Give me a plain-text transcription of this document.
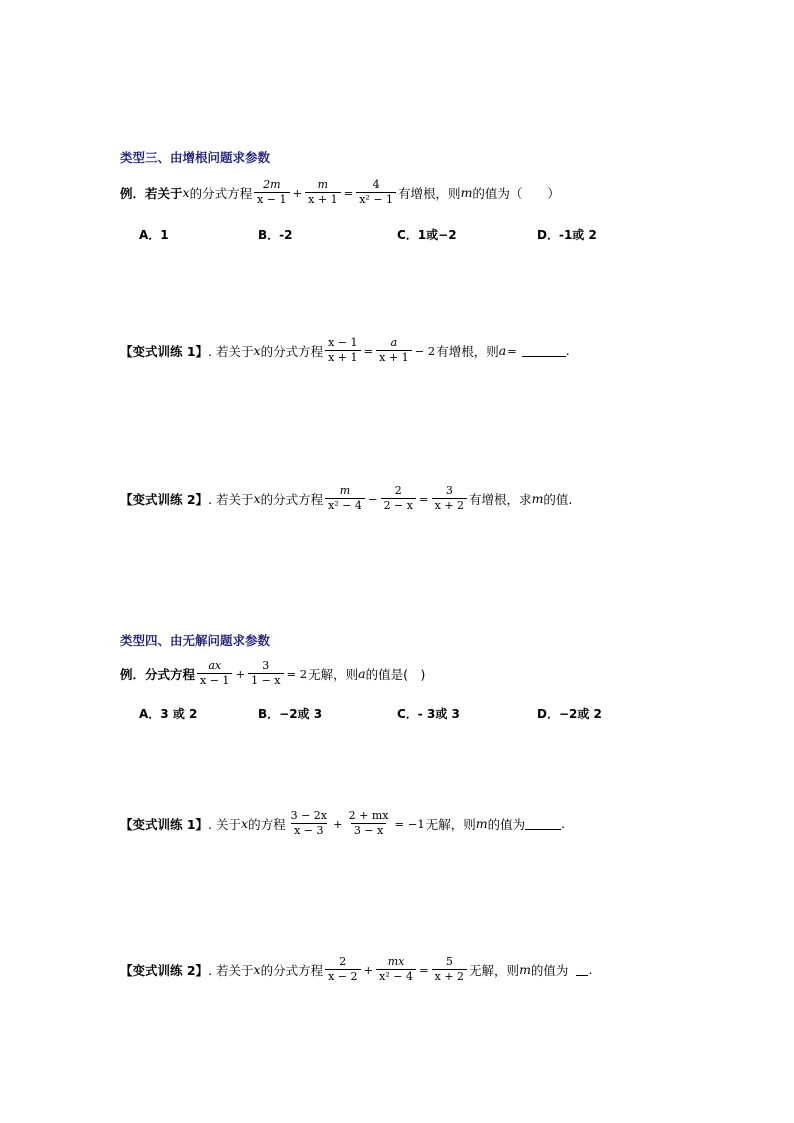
类型三、由增根问题求参数
例．若关于 x 的分式方程 $\frac{2m}{x - 1} + \frac{m}{x + 1} = \frac{4}{\text{x² − 1}}$ 有增根，则 m 的值为（　　）
A．1	B．-2	C．1或−2	D．-1或 2
【变式训练 1】 . 若关于 x 的分式方程 $\frac{x - 1}{x + 1} = \frac{a}{x + 1} - 2$ 有增根，则 a =	.
【变式训练 2】 . 若关于 x 的分式方程 $\frac{m}{\text{x² − 4}} - \frac{2}{2 - x} = \frac{3}{x + 2}$ 有增根，求 m 的值.
类型四、由无解问题求参数
例．分式方程 $\frac{ax}{x - 1} + \frac{3}{1 - x} = 2$ 无解，则 a 的值是(　)
A．3 或 2	B．−2或 3	C．- 3或 3	D．−2或 2
【变式训练 1】 . 关于 x 的方程 $\frac{3 - 2x}{x - 3} + \frac{2 + mx}{3 - x} = -1$ 无解，则 m 的值为	.
【变式训练 2】 . 若关于 x 的分式方程 $\frac{2}{x - 2} + \frac{mx}{\text{x² − 4}} = \frac{5}{x + 2}$ 无解，则 m 的值为 .
